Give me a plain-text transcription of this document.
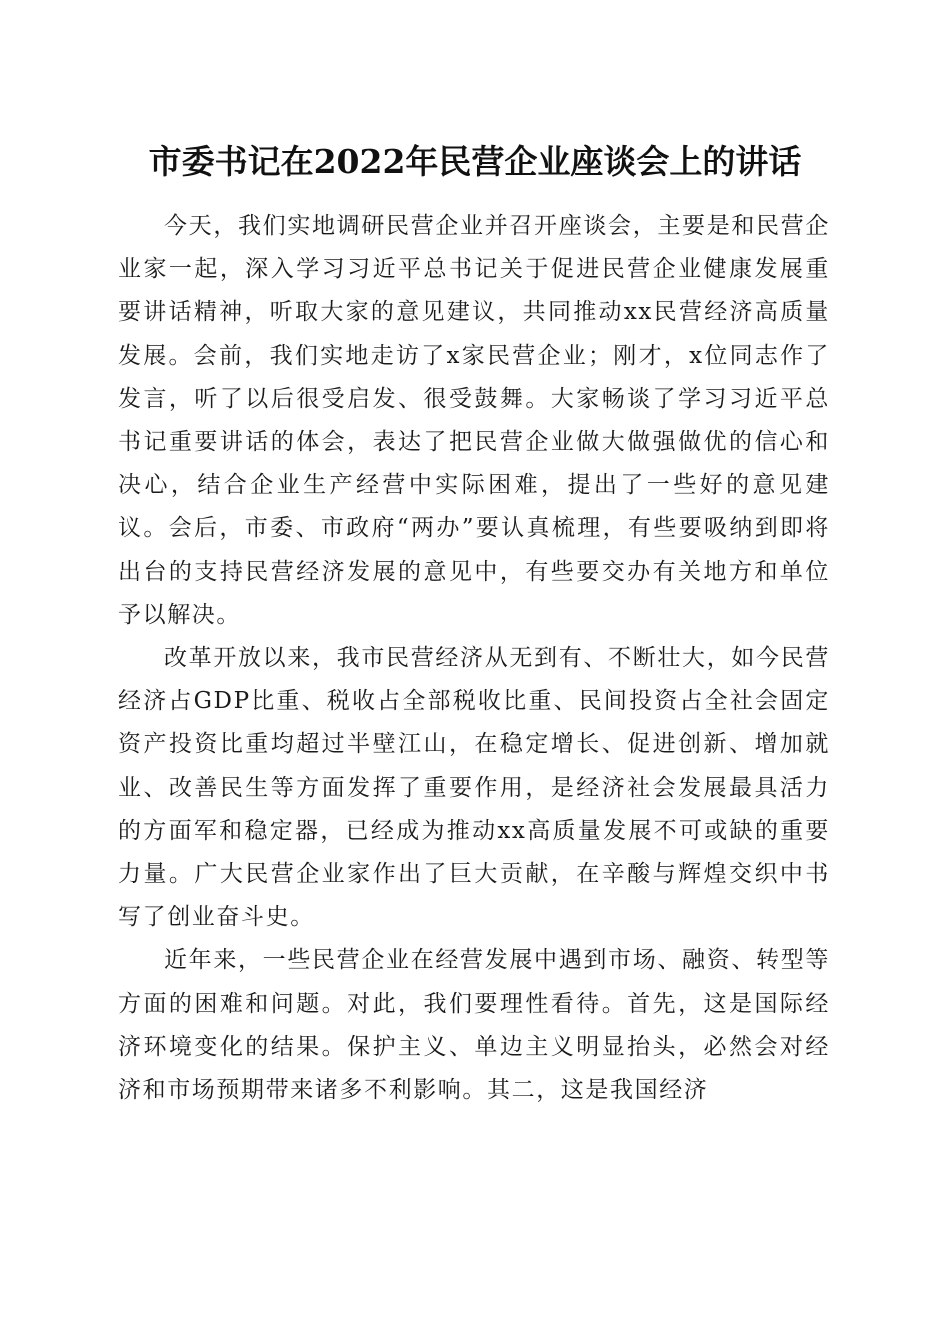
市委书记在2022年民营企业座谈会上的讲话

今天，我们实地调研民营企业并召开座谈会，主要是和民营企业家一起，深入学习习近平总书记关于促进民营企业健康发展重要讲话精神，听取大家的意见建议，共同推动xx民营经济高质量发展。会前，我们实地走访了x家民营企业；刚才，x位同志作了发言，听了以后很受启发、很受鼓舞。大家畅谈了学习习近平总书记重要讲话的体会，表达了把民营企业做大做强做优的信心和决心，结合企业生产经营中实际困难，提出了一些好的意见建议。会后，市委、市政府“两办”要认真梳理，有些要吸纳到即将出台的支持民营经济发展的意见中，有些要交办有关地方和单位予以解决。

改革开放以来，我市民营经济从无到有、不断壮大，如今民营经济占GDP比重、税收占全部税收比重、民间投资占全社会固定资产投资比重均超过半壁江山，在稳定增长、促进创新、增加就业、改善民生等方面发挥了重要作用，是经济社会发展最具活力的方面军和稳定器，已经成为推动xx高质量发展不可或缺的重要力量。广大民营企业家作出了巨大贡献，在辛酸与辉煌交织中书写了创业奋斗史。

近年来，一些民营企业在经营发展中遇到市场、融资、转型等方面的困难和问题。对此，我们要理性看待。首先，这是国际经济环境变化的结果。保护主义、单边主义明显抬头，必然会对经济和市场预期带来诸多不利影响。其二，这是我国经济
